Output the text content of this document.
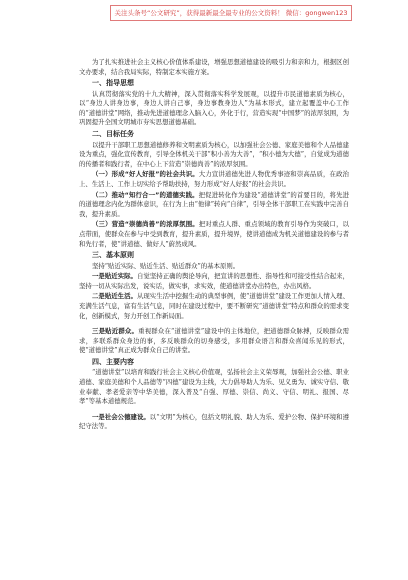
关注头条号“公文研究”，获得最新最全最专业的公文资料！ 微信：gongwen123

为了扎实推进社会主义核心价值体系建设，增强思想道德建设的吸引力和亲和力，根据区创文办要求，结合我局实际，特制定本实施方案。

一、指导思想

认真贯彻落实党的十九大精神，深入贯彻落实科学发展观，以提升市民道德素质为核心，以“身边人讲身边事，身边人讲自己事，身边事教身边人”为基本形式，建立起覆盖中心工作的“道德讲堂”网络，推动先进道德理念入脑入心，外化于行，营造实现“中国梦”的浓厚氛围，为巩固提升全国文明城市夯实思想道德基础。

二、目标任务

以提升干部职工思想道德修养和文明素质为核心，以加强社会公德、家庭美德和个人品德建设为重点，强化宣传教育，引导全体机关干部“积小善为大善”，“积小德为大德”，自觉成为道德的传播者和践行者，在中心上下营造“崇德尚善”的浓厚氛围。

（一）形成“好人好报”的社会共识。大力宣讲道德先进人物优秀事迹和崇高品质，在政治上、生活上、工作上切实给予帮助扶持，努力形成“好人好报”的社会共识。

（二）推动“知行合一”的道德实践。把促进转化作为建设“道德讲堂”的首要目的，将先进的道德理念内化为群体意识，在行为上由“他律”转向“自律”，引导全体干部职工在实践中完善自我，提升素质。

（三）营造“崇德尚善”的浓厚氛围。把对重点人群、重点领域的教育引导作为突破口，以点带面，使群众在参与中受到教育，提升素质，提升境界，使讲道德成为机关道德建设的参与者和先行者，使“讲道德、做好人”蔚然成风。

三、基本原则

坚持“贴近实际、贴近生活、贴近群众”的基本原则。

一是贴近实际。自觉坚持正确的舆论导向，把宣讲的思想性、指导性和可接受性结合起来，坚持一切从实际出发，说实话，做实事，求实效，使道德讲堂办出特色，办出风格。

二是贴近生活。从现实生活中挖掘生动的典型事例，使“道德讲堂”建设工作更加人情入理、充满生活气息，富有生活气息，同时在建设过程中，要不断研究“道德讲堂”特点和群众的需求变化，创新模式，努力开创工作新局面。

三是贴近群众。重视群众在“道德讲堂”建设中的主体地位，把道德群众脉搏，反映群众需求，多联系群众身边的事，多反映群众的切身感受，多用群众语言和群众喜闻乐见的形式，使“道德讲堂”真正成为群众自己的讲堂。

四、主要内容

“道德讲堂”以培育和践行社会主义核心价值观，弘扬社会主义荣辱观，加强社会公德、职业道德、家庭美德和个人品德等“四德”建设为主线，大力倡导助人为乐、见义勇为、诚实守信、敬业奉献、孝老爱亲等中华美德，深入普及“自强、厚德、崇信、尚义、守信、明礼、报国、尽孝”等基本道德规范。

一是社会公德建设。以“文明”为核心，包括文明礼貌、助人为乐、爱护公物、保护环境和遵纪守法等。
